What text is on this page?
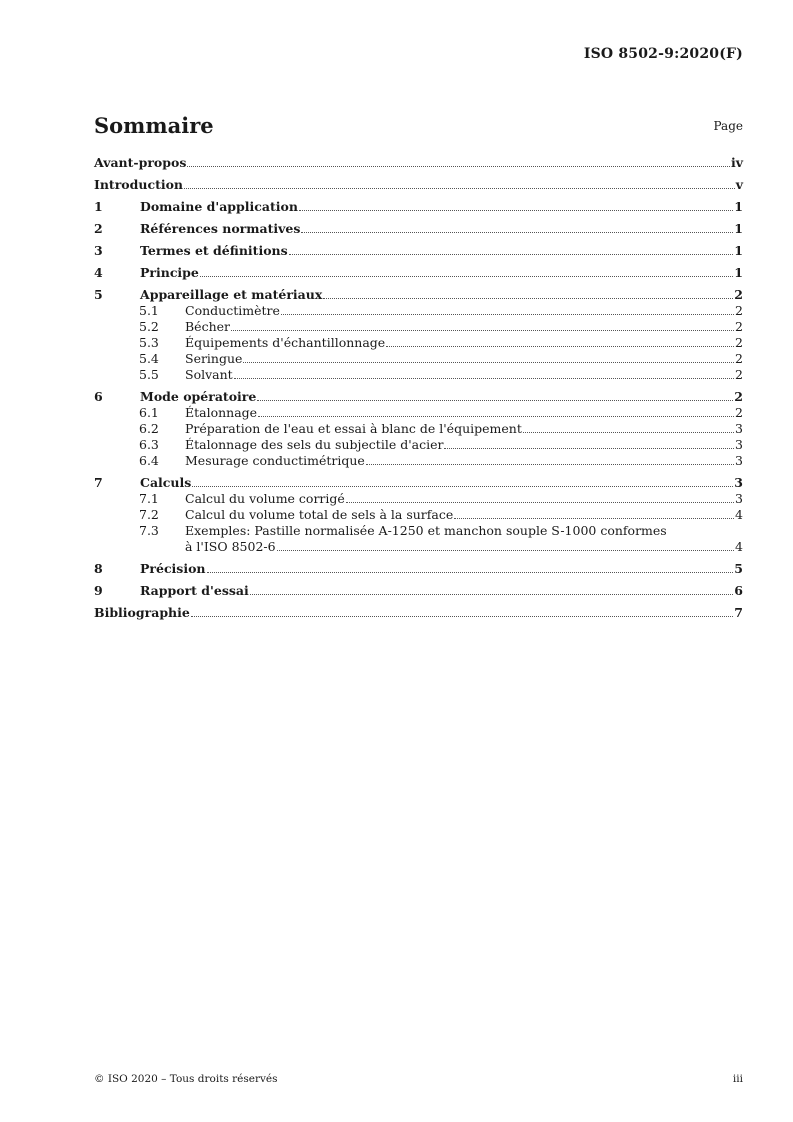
ISO 8502-9:2020(F)
Sommaire	Page
Avant-propos	iv
Introduction	v
1	Domaine d'application	1
2	Références normatives	1
3	Termes et définitions	1
4	Principe	1
5	Appareillage et matériaux	2
5.1	Conductimètre	2
5.2	Bécher	2
5.3	Équipements d'échantillonnage	2
5.4	Seringue	2
5.5	Solvant	2
6	Mode opératoire	2
6.1	Étalonnage	2
6.2	Préparation de l'eau et essai à blanc de l'équipement	3
6.3	Étalonnage des sels du subjectile d'acier	3
6.4	Mesurage conductimétrique	3
7	Calculs	3
7.1	Calcul du volume corrigé	3
7.2	Calcul du volume total de sels à la surface	4
7.3	Exemples: Pastille normalisée A-1250 et manchon souple S-1000 conformes
à l'ISO 8502-6	4
8	Précision	5
9	Rapport d'essai	6
Bibliographie	7
© ISO 2020 – Tous droits réservés	iii
